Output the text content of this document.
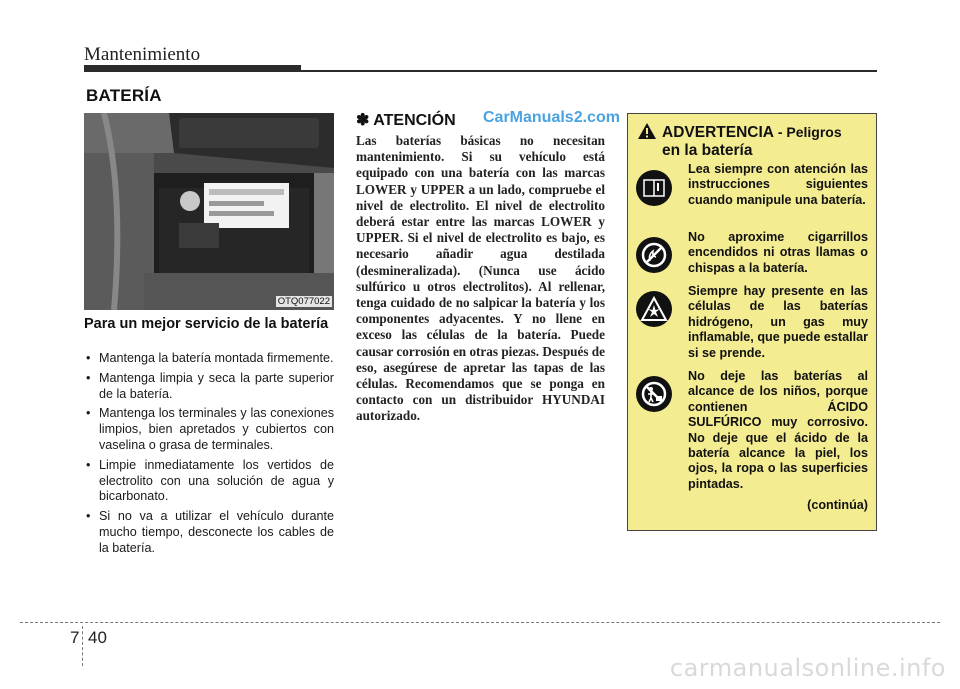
Mantenimiento
BATERÍA
OTQ077022
Para un mejor servicio de la batería
• Mantenga la batería montada firmemente.
• Mantenga limpia y seca la parte superior de la batería.
• Mantenga los terminales y las conexiones limpios, bien apretados y cubiertos con vaselina o grasa de terminales.
• Limpie inmediatamente los vertidos de electrolito con una solución de agua y bicarbonato.
• Si no va a utilizar el vehículo durante mucho tiempo, desconecte los cables de la batería.
✽ ATENCIÓN CarManuals2.com
Las baterías básicas no necesitan mantenimiento. Si su vehículo está equipado con una batería con las marcas LOWER y UPPER a un lado, compruebe el nivel de electrolito. El nivel de electrolito deberá estar entre las marcas LOWER y UPPER. Si el nivel de electrolito es bajo, es necesario añadir agua destilada (desmineralizada). (Nunca use ácido sulfúrico u otros electrolitos). Al rellenar, tenga cuidado de no salpicar la batería y los componentes adyacentes. Y no llene en exceso las células de la batería. Puede causar corrosión en otras piezas. Después de eso, asegúrese de apretar las tapas de las células. Recomendamos que se ponga en contacto con un distribuidor HYUNDAI autorizado.
ADVERTENCIA - Peligros
en la batería
Lea siempre con atención las instrucciones siguientes cuando manipule una batería.
No aproxime cigarrillos encendidos ni otras llamas o chispas a la batería.
Siempre hay presente en las células de las baterías hidrógeno, un gas muy inflamable, que puede estallar si se prende.
No deje las baterías al alcance de los niños, porque contienen ÁCIDO SULFÚRICO muy corrosivo. No deje que el ácido de la batería alcance la piel, los ojos, la ropa o las superficies pintadas.
(continúa)
7 40
carmanualsonline.info
